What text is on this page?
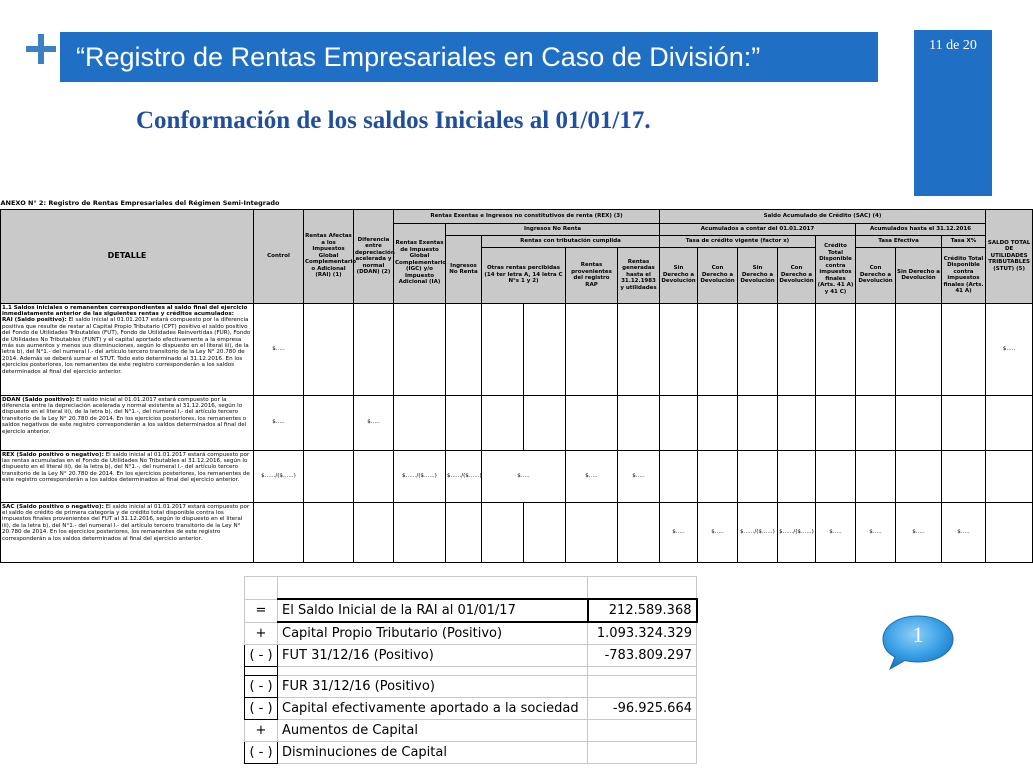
“Registro de Rentas Empresariales en Caso de División:”	11 de 20
Conformación de los saldos Iniciales al 01/01/17.
ANEXO N° 2: Registro de Rentas Empresariales del Régimen Semi-Integrado																		
DETALLE	Control	Rentas Afectas a los Impuestos Global Complementario o Adicional (RAI) (1)	Diferencia entre depreciación acelerada y normal (DDAN) (2)	Rentas Exentas e Ingresos no constitutivos de renta (REX) (3)						Saldo Acumulado de Crédito (SAC) (4)								SALDO TOTAL DE UTILIDADES TRIBUTABLES (STUT) (5)
				Rentas Exentas de Impuesto Global Complementario (IGC) y/o Impuesto Adicional (IA)	Ingresos No Renta					Acumulados a contar del 01.01.2017					Acumulados hasta el 31.12.2016			
					Ingresos No Renta	Rentas con tributación cumplida				Tasa de crédito vigente (factor x)				Crédito Total Disponible contra impuestos finales (Arts. 41 A) y 41 C)	Tasa Efectiva		Tasa X%	
						Otras rentas percibidas (14 ter letra A, 14 letra C N°s 1 y 2)		Rentas provenientes del registro RAP	Rentas generadas hasta el 31.12.1983 y utilidades	Sin Derecho a Devolución	Con Derecho a Devolución	Sin Derecho a Devolución	Con Derecho a Devolución		Con Derecho a Devolución	Sin Derecho a Devolución	Crédito Total Disponible contra impuestos finales (Arts. 41 A)	
1.1 Saldos iniciales o remanentes correspondientes al saldo final del ejercicio inmediatamente anterior de las siguientes rentas y créditos acumulados:
RAI (Saldo positivo): El saldo inicial al 01.01.2017 estará compuesto por la diferencia positiva que resulte de restar al Capital Propio Tributario (CPT) positivo el saldo positivo del Fondo de Utilidades Tributables (FUT), Fondo de Utilidades Reinvertidas (FUR), Fondo de Utilidades No Tributables (FUNT) y el capital aportado efectivamente a la empresa más sus aumentos y menos sus disminuciones, según lo dispuesto en el literal iii), de la letra b), del N°1.- del numeral I.- del artículo tercero transitorio de la Ley N° 20.780 de 2014. Además se deberá sumar el STUT. Todo esto determinado al 31.12.2016. En los ejercicios posteriores, los remanentes de este registro corresponderán a los saldos determinados al final del ejercicio anterior.	$.....																	$.....
DDAN (Saldo positivo): El saldo inicial al 01.01.2017 estará compuesto por la diferencia entre la depreciación acelerada y normal existente al 31.12.2016, según lo dispuesto en el literal iii), de la letra b), del N°1.-, del numeral I.- del artículo tercero transitorio de la Ley N° 20.780 de 2014. En los ejercicios posteriores, los remanentes o saldos negativos de este registro corresponderán a los saldos determinados al final del ejercicio anterior.	$.....		$.....															
REX (Saldo positivo o negativo): El saldo inicial al 01.01.2017 estará compuesto por las rentas acumuladas en el Fondo de Utilidades No Tributables al 31.12.2016, según lo dispuesto en el literal iii), de la letra b), del N°1.-, del numeral I.- del artículo tercero transitorio de la Ley N° 20.780 de 2014. En los ejercicios posteriores, los remanentes de este registro corresponderán a los saldos determinados al final del ejercicio anterior.	$....../($......)			$....../($......)	$....../($......)	$.....		$.....	$.....									
SAC (Saldo positivo o negativo): El saldo inicial al 01.01.2017 estará compuesto por el saldo de crédito de primera categoría y de crédito total disponible contra los impuestos finales provenientes del FUT al 31.12.2016, según lo dispuesto en el literal iii), de la letra b), del N°1.- del numeral I.- del artículo tercero transitorio de la Ley N° 20.780 de 2014. En los ejercicios posteriores, los remanentes de este registro corresponderán a los saldos determinados al final del ejercicio anterior.										$.....	$.....	$....../($......)	$....../($......)	$.....	$.....	$.....	$.....	

=	El Saldo Inicial de la RAI al 01/01/17	212.589.368
+	Capital Propio Tributario (Positivo)	1.093.324.329
( - )	FUT 31/12/16 (Positivo)	-783.809.297

( - )	FUR 31/12/16 (Positivo)	
( - )	Capital efectivamente aportado a la sociedad	-96.925.664
+	Aumentos de Capital	
( - )	Disminuciones de Capital	
1
